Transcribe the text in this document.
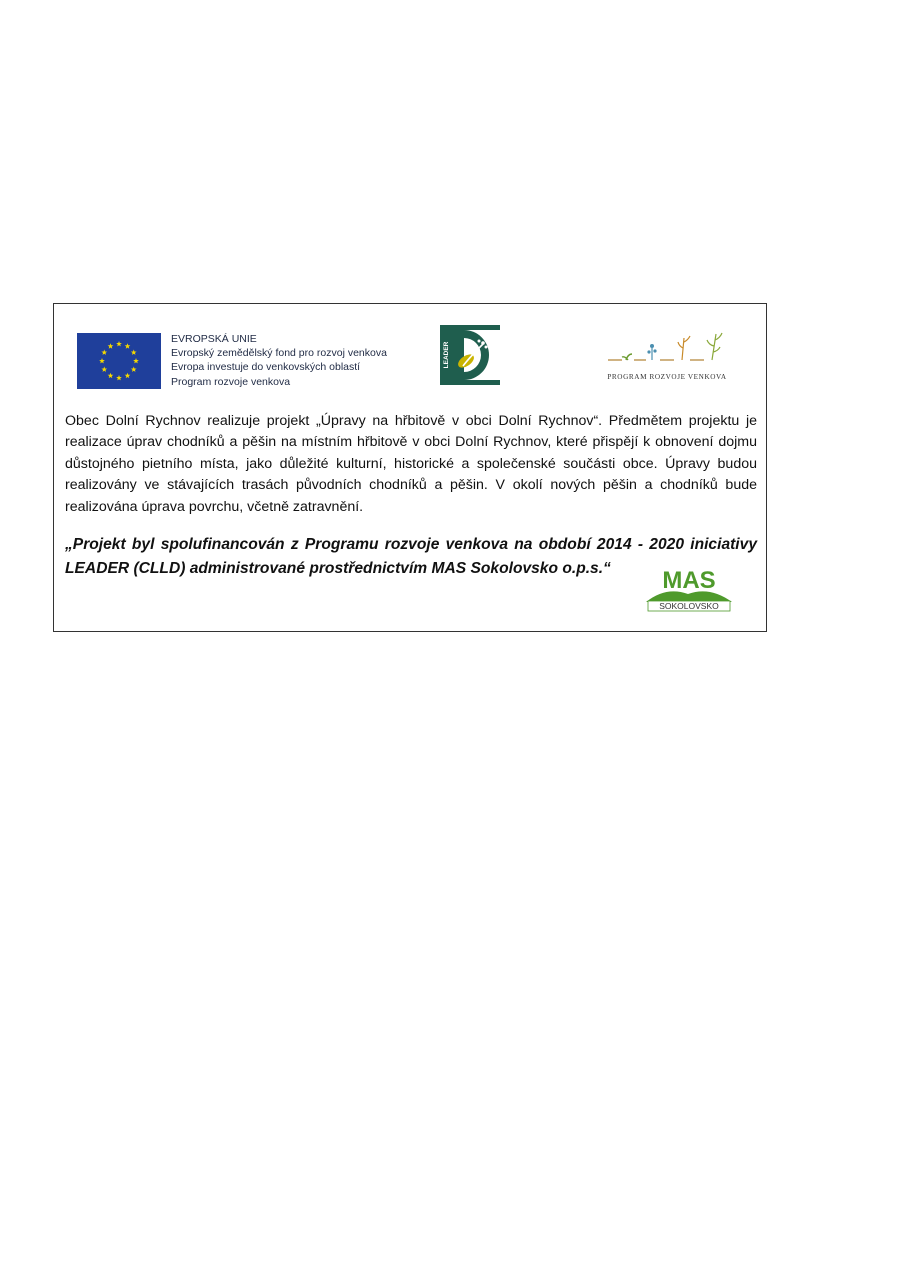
EVROPSKÁ UNIE
Evropský zemědělský fond pro rozvoj venkova
Evropa investuje do venkovských oblastí
Program rozvoje venkova
LEADER
PROGRAM ROZVOJE VENKOVA
Obec Dolní Rychnov realizuje projekt „Úpravy na hřbitově v obci Dolní Rychnov“. Předmětem projektu je realizace úprav chodníků a pěšin na místním hřbitově v obci Dolní Rychnov, které přispějí k obnovení dojmu důstojného pietního místa, jako důležité kulturní, historické a společenské součásti obce. Úpravy budou realizovány ve stávajících trasách původních chodníků a pěšin. V okolí nových pěšin a chodníků bude realizována úprava povrchu, včetně zatravnění.
„Projekt byl spolufinancován z Programu rozvoje venkova na období 2014 - 2020 iniciativy LEADER (CLLD) administrované prostřednictvím MAS Sokolovsko o.p.s.“	MAS
SOKOLOVSKO
